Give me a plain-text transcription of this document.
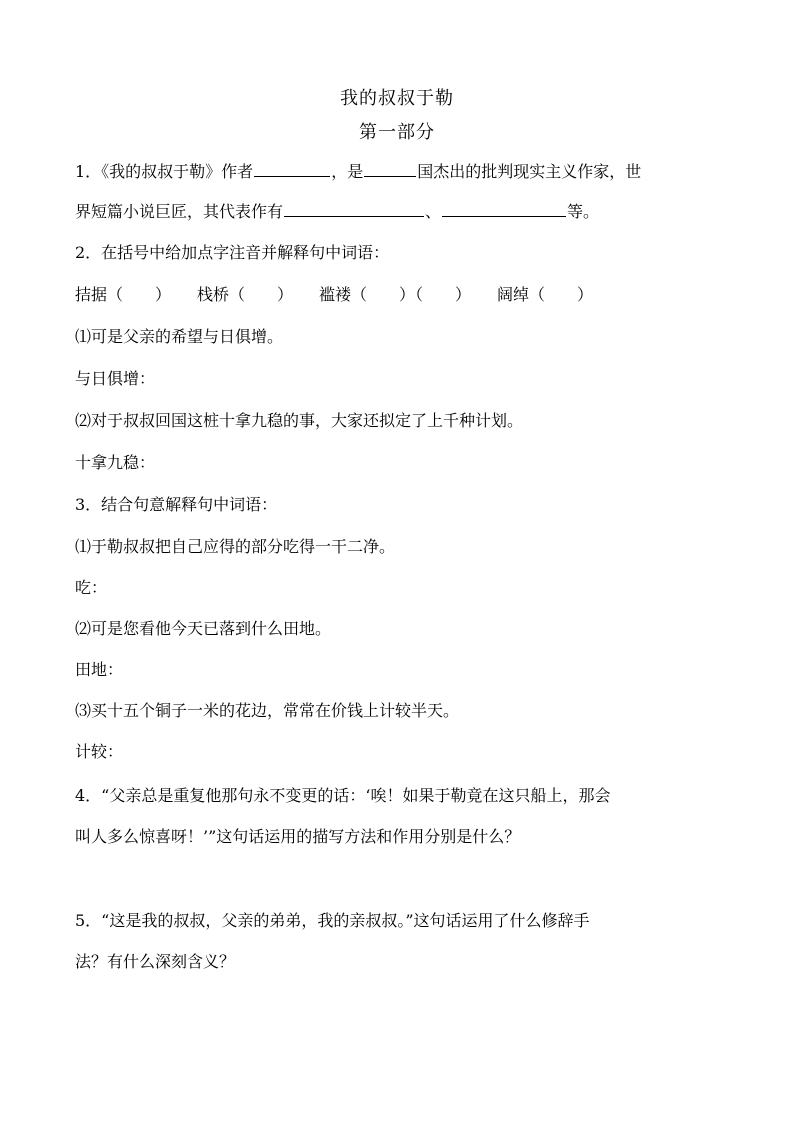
我的叔叔于勒
第一部分
1．《我的叔叔于勒》作者	，是	国杰出的批判现实主义作家，世
界短篇小说巨匠，其代表作有	、	等。
2．在括号中给加点字注音并解释句中词语：
拮据（　　） 栈桥（　　） 褴褛（　　）（　　） 阔绰（　　）
⑴可是父亲的希望与日俱增。
与日俱增：
⑵对于叔叔回国这桩十拿九稳的事，大家还拟定了上千种计划。
十拿九稳：
3．结合句意解释句中词语：
⑴于勒叔叔把自己应得的部分吃得一干二净。
吃：
⑵可是您看他今天已落到什么田地。
田地：
⑶买十五个铜子一米的花边，常常在价钱上计较半天。
计较：
4．“父亲总是重复他那句永不变更的话：‘唉！如果于勒竟在这只船上，那会
叫人多么惊喜呀！’”这句话运用的描写方法和作用分别是什么？
5．“这是我的叔叔，父亲的弟弟，我的亲叔叔。”这句话运用了什么修辞手
法？有什么深刻含义？
